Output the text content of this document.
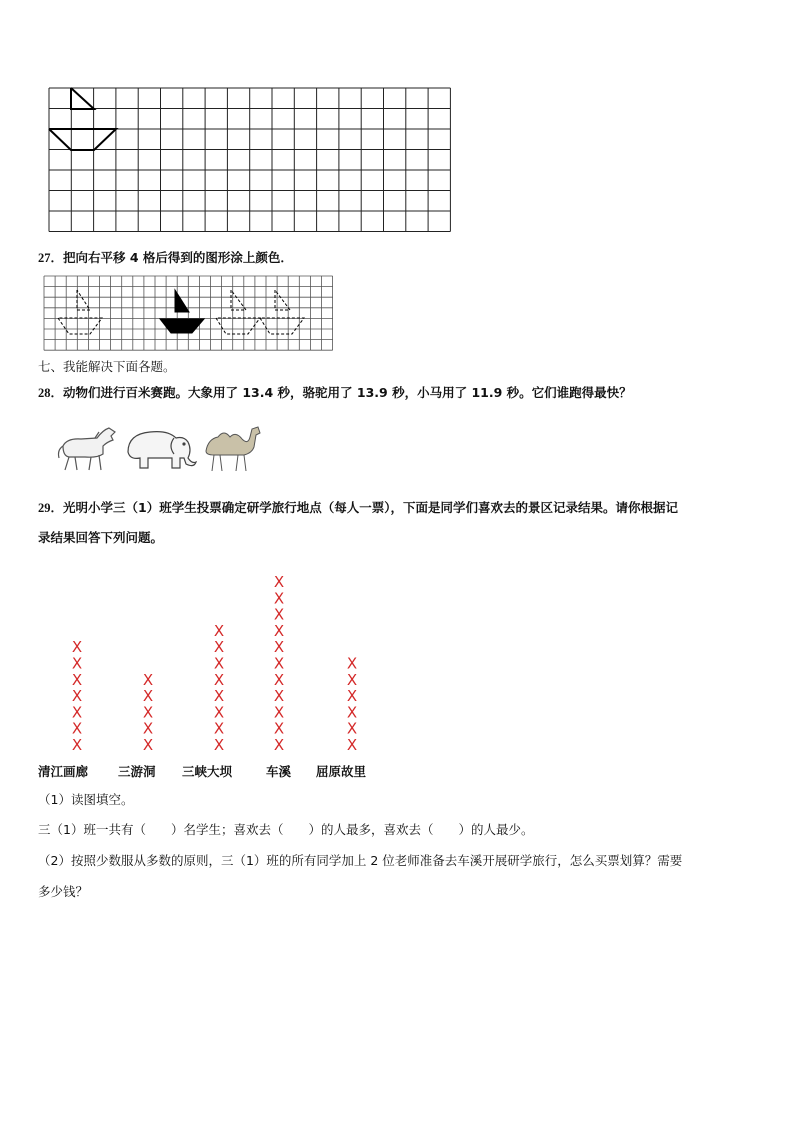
27．把向右平移 4 格后得到的图形涂上颜色．
七、我能解决下面各题。
28．动物们进行百米赛跑。大象用了 13.4 秒，骆驼用了 13.9 秒，小马用了 11.9 秒。它们谁跑得最快？
29．光明小学三（1）班学生投票确定研学旅行地点（每人一票），下面是同学们喜欢去的景区记录结果。请你根据记
录结果回答下列问题。
X
X
X
X
X
X
X
X
X
X
X
X
X
X
X
X
X
X
X
X
X
X
X
X
X
X
X
X
X
X
X
X
X
X
X
X
X
清江画廊 三游洞 三峡大坝	车溪 屈原故里
（1）读图填空。
三（1）班一共有（　　）名学生；喜欢去（　　）的人最多，喜欢去（　　）的人最少。
（2）按照少数服从多数的原则，三（1）班的所有同学加上 2 位老师准备去车溪开展研学旅行，怎么买票划算？需要
多少钱？
